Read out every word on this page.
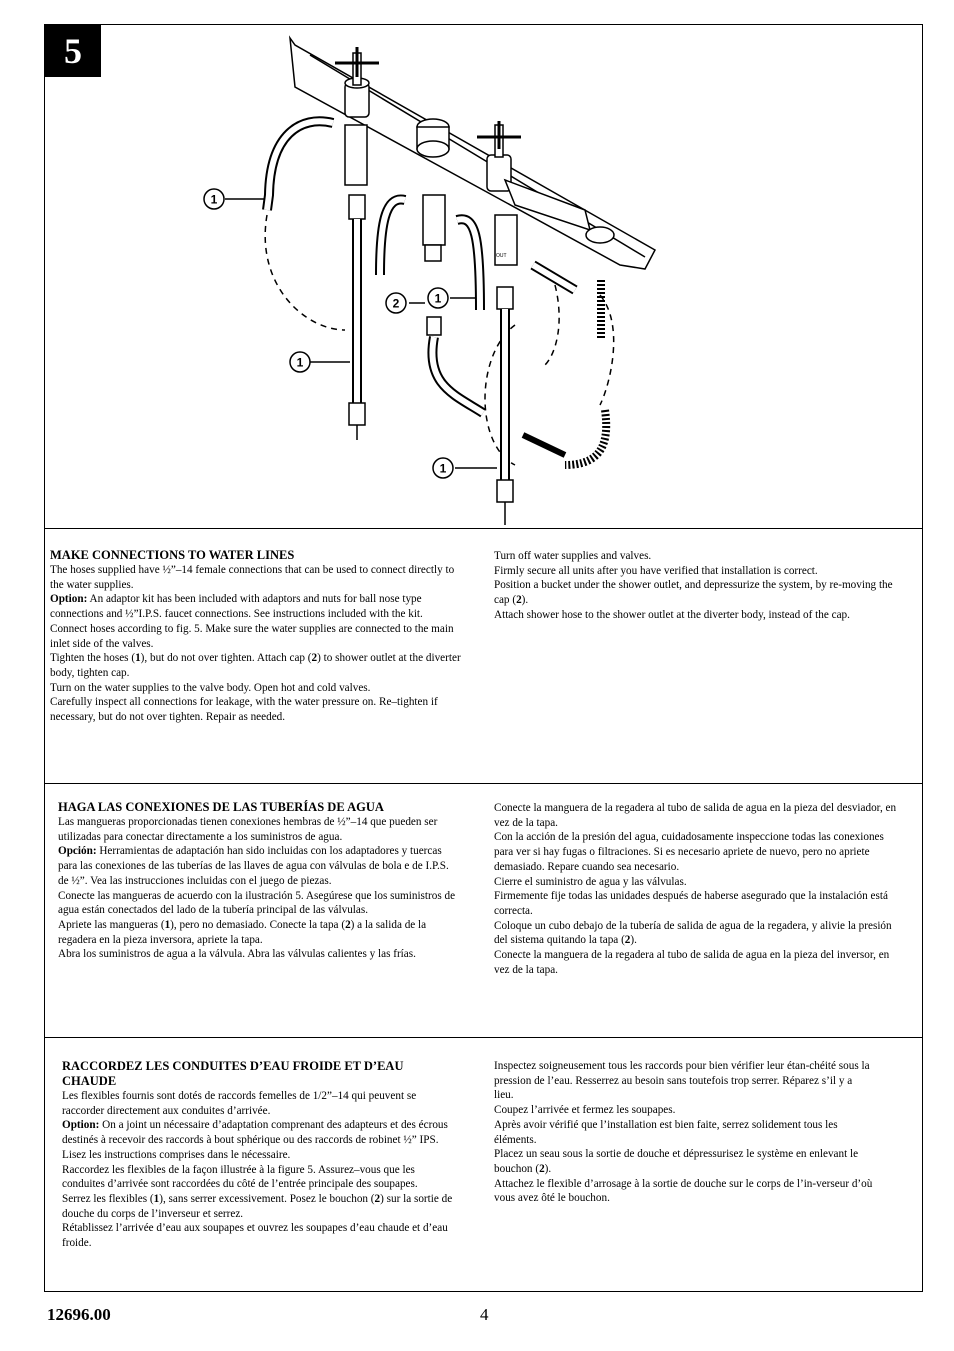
5
1
1
2	1
1
OUT

MAKE CONNECTIONS TO WATER LINES

The hoses supplied have ½”–14 female connections that can be used to connect directly to the water supplies.

Option: An adaptor kit has been included with adaptors and nuts for ball nose type connections and ½”I.P.S. faucet connections. See instructions included with the kit.

Connect hoses according to fig. 5. Make sure the water supplies are connected to the main inlet side of the valves.

Tighten the hoses (1), but do not over tighten. Attach cap (2) to shower outlet at the diverter body, tighten cap.

Turn on the water supplies to the valve body. Open hot and cold valves.

Carefully inspect all connections for leakage, with the water pressure on. Re–tighten if necessary, but do not over tighten. Repair as needed.

Turn off water supplies and valves.

Firmly secure all units after you have verified that installation is correct.

Position a bucket under the shower outlet, and depressurize the system, by re-moving the cap (2).

Attach shower hose to the shower outlet at the diverter body, instead of the cap.

HAGA LAS CONEXIONES DE LAS TUBERÍAS DE AGUA

Las mangueras proporcionadas tienen conexiones hembras de ½”–14 que pueden ser utilizadas para conectar directamente a los suministros de agua.

Opción: Herramientas de adaptación han sido incluidas con los adaptadores y tuercas para las conexiones de las tuberías de las llaves de agua con válvulas de bola e de I.P.S. de ½”. Vea las instrucciones incluidas con el juego de piezas.

Conecte las mangueras de acuerdo con la ilustración 5. Asegúrese que los suministros de agua están conectados del lado de la tubería principal de las válvulas.

Apriete las mangueras (1), pero no demasiado. Conecte la tapa (2) a la salida de la regadera en la pieza inversora, apriete la tapa.

Abra los suministros de agua a la válvula. Abra las válvulas calientes y las frías.

Conecte la manguera de la regadera al tubo de salida de agua en la pieza del desviador, en vez de la tapa.

Con la acción de la presión del agua, cuidadosamente inspeccione todas las conexiones para ver si hay fugas o filtraciones. Si es necesario apriete de nuevo, pero no apriete demasiado. Repare cuando sea necesario.

Cierre el suministro de agua y las válvulas.

Firmemente fije todas las unidades después de haberse asegurado que la instalación está correcta.

Coloque un cubo debajo de la tubería de salida de agua de la regadera, y alivie la presión del sistema quitando la tapa (2).

Conecte la manguera de la regadera al tubo de salida de agua en la pieza del inversor, en vez de la tapa.

RACCORDEZ LES CONDUITES D’EAU FROIDE ET D’EAU CHAUDE

Les flexibles fournis sont dotés de raccords femelles de 1/2”–14 qui peuvent se raccorder directement aux conduites d’arrivée.

Option: On a joint un nécessaire d’adaptation comprenant des adapteurs et des écrous destinés à recevoir des raccords à bout sphérique ou des raccords de robinet ½” IPS. Lisez les instructions comprises dans le nécessaire.

Raccordez les flexibles de la façon illustrée à la figure 5. Assurez–vous que les conduites d’arrivée sont raccordées du côté de l’entrée principale des soupapes.

Serrez les flexibles (1), sans serrer excessivement. Posez le bouchon (2) sur la sortie de douche du corps de l’inverseur et serrez.

Rétablissez l’arrivée d’eau aux soupapes et ouvrez les soupapes d’eau chaude et d’eau froide.

Inspectez soigneusement tous les raccords pour bien vérifier leur étan-chéité sous la pression de l’eau. Resserrez au besoin sans toutefois trop serrer. Réparez s’il y a lieu.

Coupez l’arrivée et fermez les soupapes.

Après avoir vérifié que l’installation est bien faite, serrez solidement tous les éléments.

Placez un seau sous la sortie de douche et dépressurisez le système en enlevant le bouchon (2).

Attachez le flexible d’arrosage à la sortie de douche sur le corps de l’in-verseur d’où vous avez ôté le bouchon.

12696.00	4
